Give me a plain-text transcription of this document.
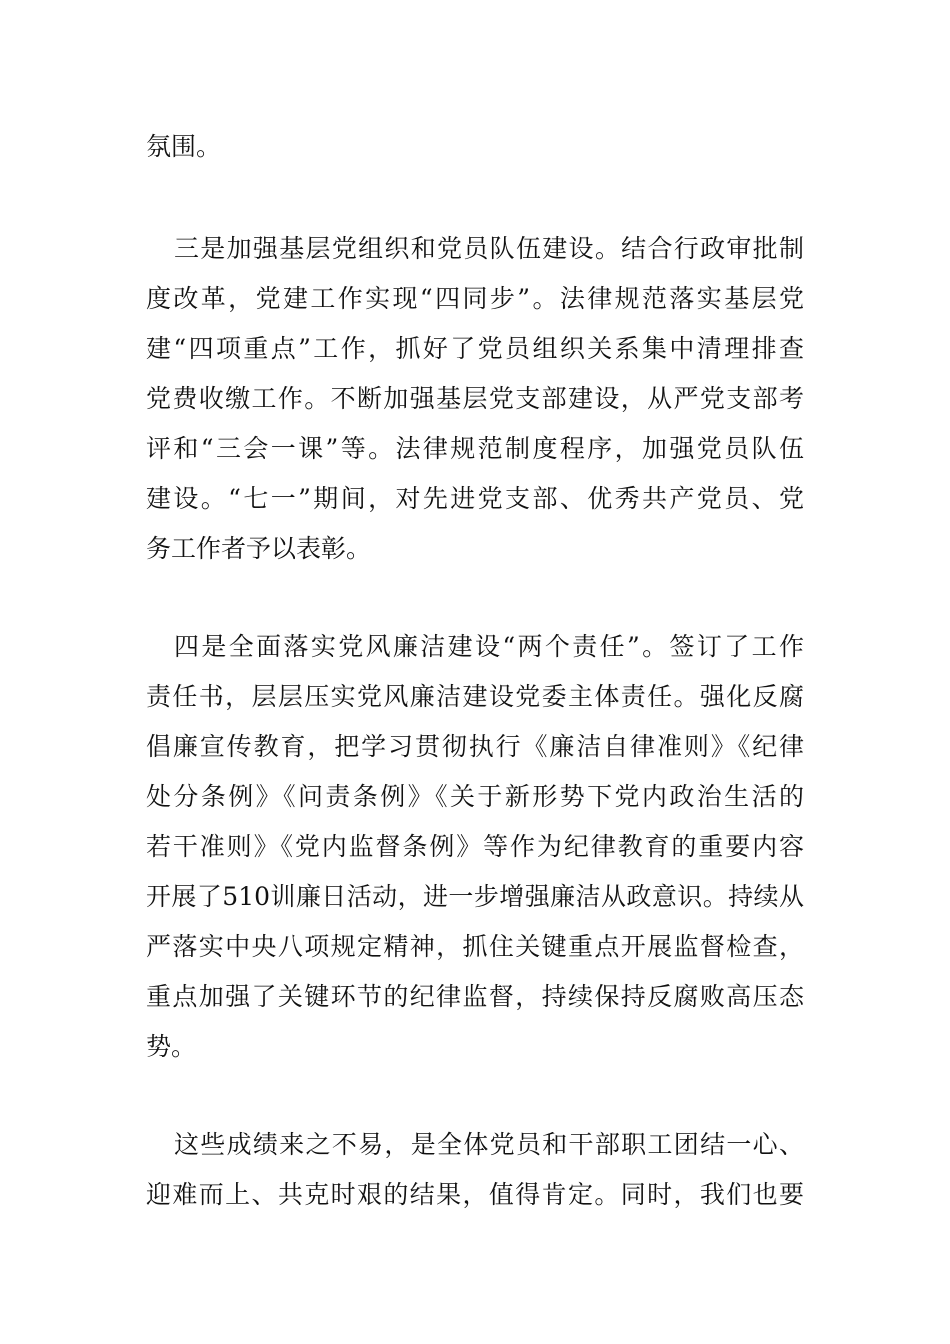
氛围。

三是加强基层党组织和党员队伍建设。结合行政审批制

度改革，党建工作实现“四同步”。法律规范落实基层党

建“四项重点”工作，抓好了党员组织关系集中清理排查

党费收缴工作。不断加强基层党支部建设，从严党支部考

评和“三会一课”等。法律规范制度程序，加强党员队伍

建设。“七一”期间，对先进党支部、优秀共产党员、党

务工作者予以表彰。

四是全面落实党风廉洁建设“两个责任”。签订了工作

责任书，层层压实党风廉洁建设党委主体责任。强化反腐

倡廉宣传教育，把学习贯彻执行《廉洁自律准则》《纪律

处分条例》《问责条例》《关于新形势下党内政治生活的

若干准则》《党内监督条例》等作为纪律教育的重要内容

开展了510训廉日活动，进一步增强廉洁从政意识。持续从

严落实中央八项规定精神，抓住关键重点开展监督检查，

重点加强了关键环节的纪律监督，持续保持反腐败高压态

势。

这些成绩来之不易，是全体党员和干部职工团结一心、

迎难而上、共克时艰的结果，值得肯定。同时，我们也要
